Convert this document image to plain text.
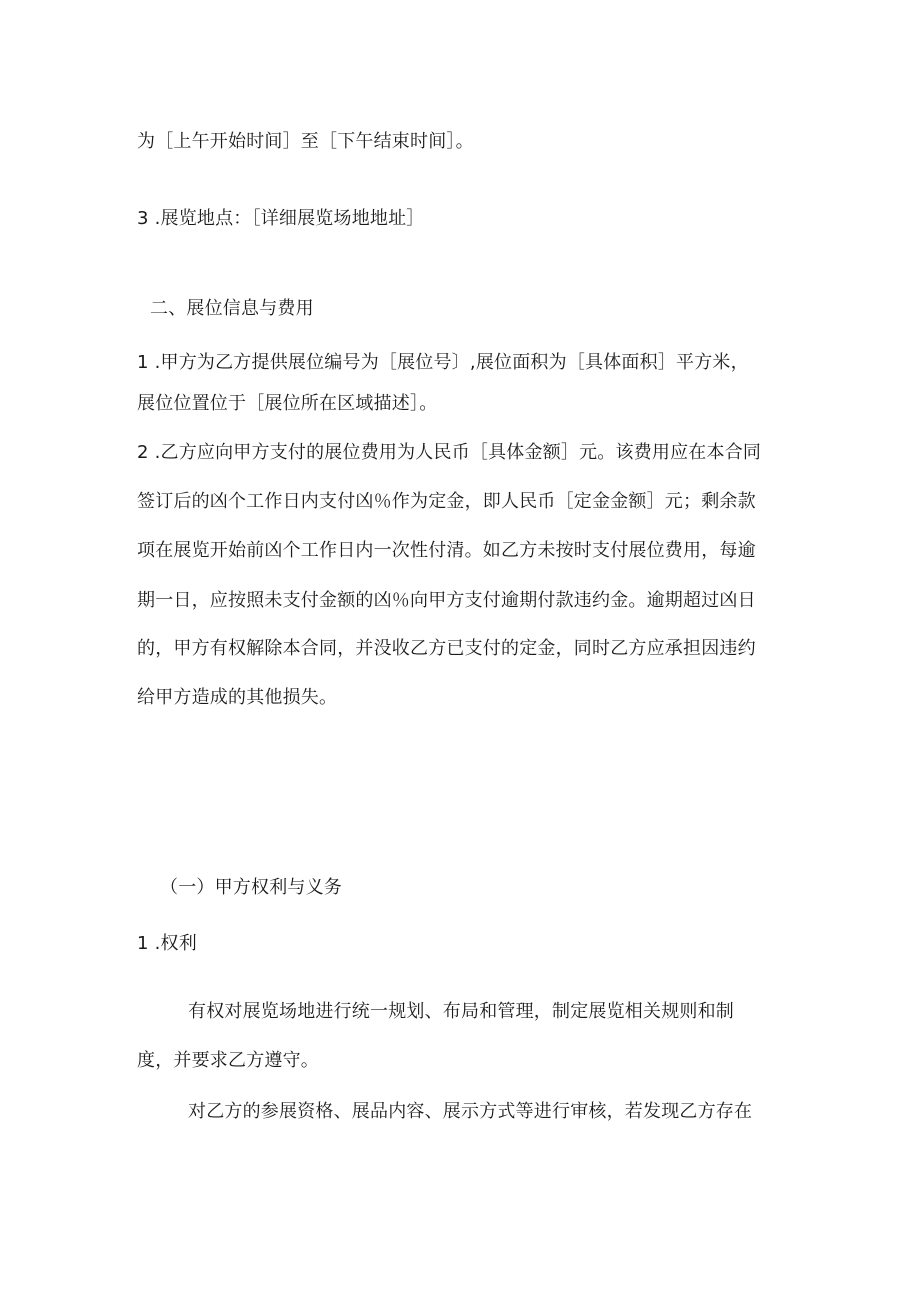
为［上午开始时间］至［下午结束时间］。
3 .展览地点：［详细展览场地地址］
二、展位信息与费用
1 .甲方为乙方提供展位编号为［展位号〕,展位面积为［具体面积］平方米，
展位位置位于［展位所在区域描述］。
2 .乙方应向甲方支付的展位费用为人民币［具体金额］元。该费用应在本合同
签订后的凶个工作日内支付凶％作为定金，即人民币［定金金额］元；剩余款
项在展览开始前凶个工作日内一次性付清。如乙方未按时支付展位费用，每逾
期一日，应按照未支付金额的凶％向甲方支付逾期付款违约金。逾期超过凶日
的，甲方有权解除本合同，并没收乙方已支付的定金，同时乙方应承担因违约
给甲方造成的其他损失。
（一）甲方权利与义务
1 .权利
有权对展览场地进行统一规划、布局和管理，制定展览相关规则和制
度，并要求乙方遵守。
对乙方的参展资格、展品内容、展示方式等进行审核，若发现乙方存在
